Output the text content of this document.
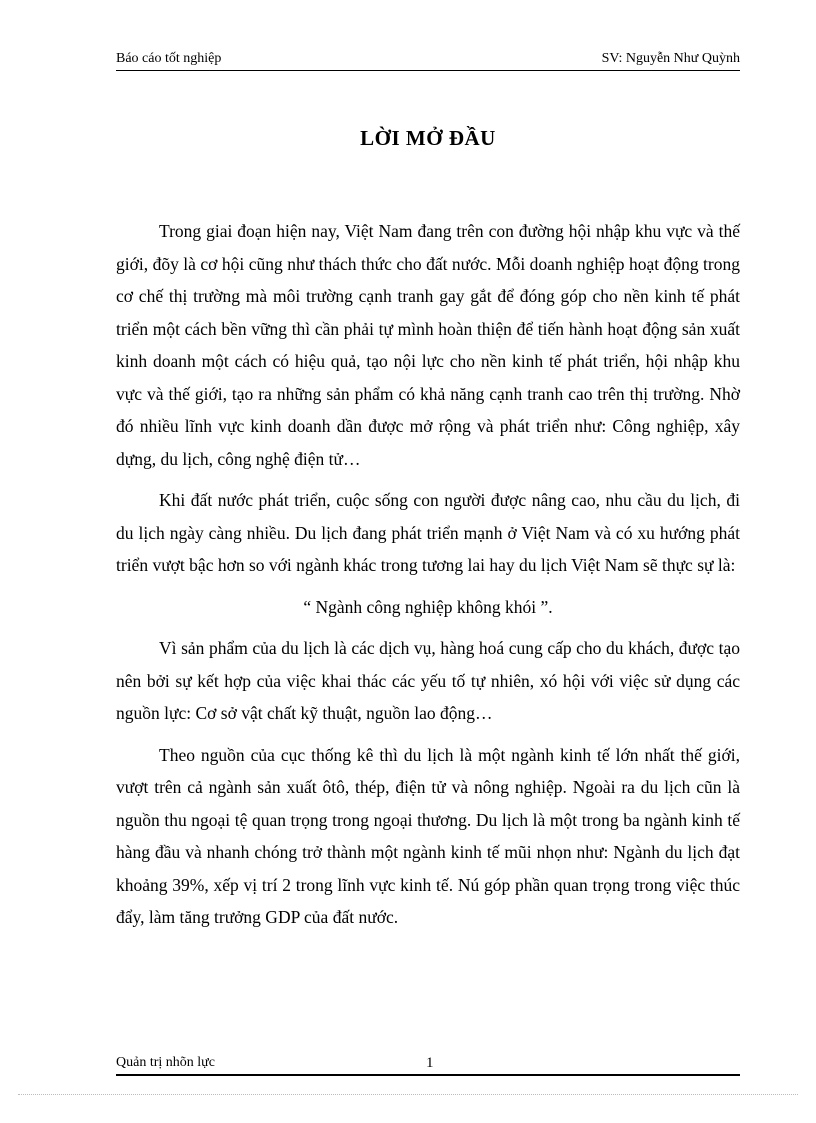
Báo cáo tốt nghiệp	SV: Nguyễn Như Quỳnh
LỜI MỞ ĐẦU

Trong giai đoạn hiện nay, Việt Nam đang trên con đường hội nhập khu vực và thế giới, đõy là cơ hội cũng như thách thức cho đất nước. Mỗi doanh nghiệp hoạt động trong cơ chế thị trường mà môi trường cạnh tranh gay gắt để đóng góp cho nền kinh tế phát triển một cách bền vững thì cần phải tự mình hoàn thiện để tiến hành hoạt động sản xuất kinh doanh một cách có hiệu quả, tạo nội lực cho nền kinh tế phát triển, hội nhập khu vực và thế giới, tạo ra những sản phẩm có khả năng cạnh tranh cao trên thị trường. Nhờ đó nhiều lĩnh vực kinh doanh dần được mở rộng và phát triển như: Công nghiệp, xây dựng, du lịch, công nghệ điện tử…

Khi đất nước phát triển, cuộc sống con người được nâng cao, nhu cầu du lịch, đi du lịch ngày càng nhiều. Du lịch đang phát triển mạnh ở Việt Nam và có xu hướng phát triển vượt bậc hơn so với ngành khác trong tương lai hay du lịch Việt Nam sẽ thực sự là:

“ Ngành công nghiệp không khói ”.

Vì sản phẩm của du lịch là các dịch vụ, hàng hoá cung cấp cho du khách, được tạo nên bởi sự kết hợp của việc khai thác các yếu tố tự nhiên, xó hội với việc sử dụng các nguồn lực: Cơ sở vật chất kỹ thuật, nguồn lao động…

Theo nguồn của cục thống kê thì du lịch là một ngành kinh tế lớn nhất thế giới, vượt trên cả ngành sản xuất ôtô, thép, điện tử và nông nghiệp. Ngoài ra du lịch cũn là nguồn thu ngoại tệ quan trọng trong ngoại thương. Du lịch là một trong ba ngành kinh tế hàng đầu và nhanh chóng trở thành một ngành kinh tế mũi nhọn như: Ngành du lịch đạt khoảng 39%, xếp vị trí 2 trong lĩnh vực kinh tế. Nú góp phần quan trọng trong việc thúc đẩy, làm tăng trưởng GDP của đất nước.

Quản trị nhõn lực	1
